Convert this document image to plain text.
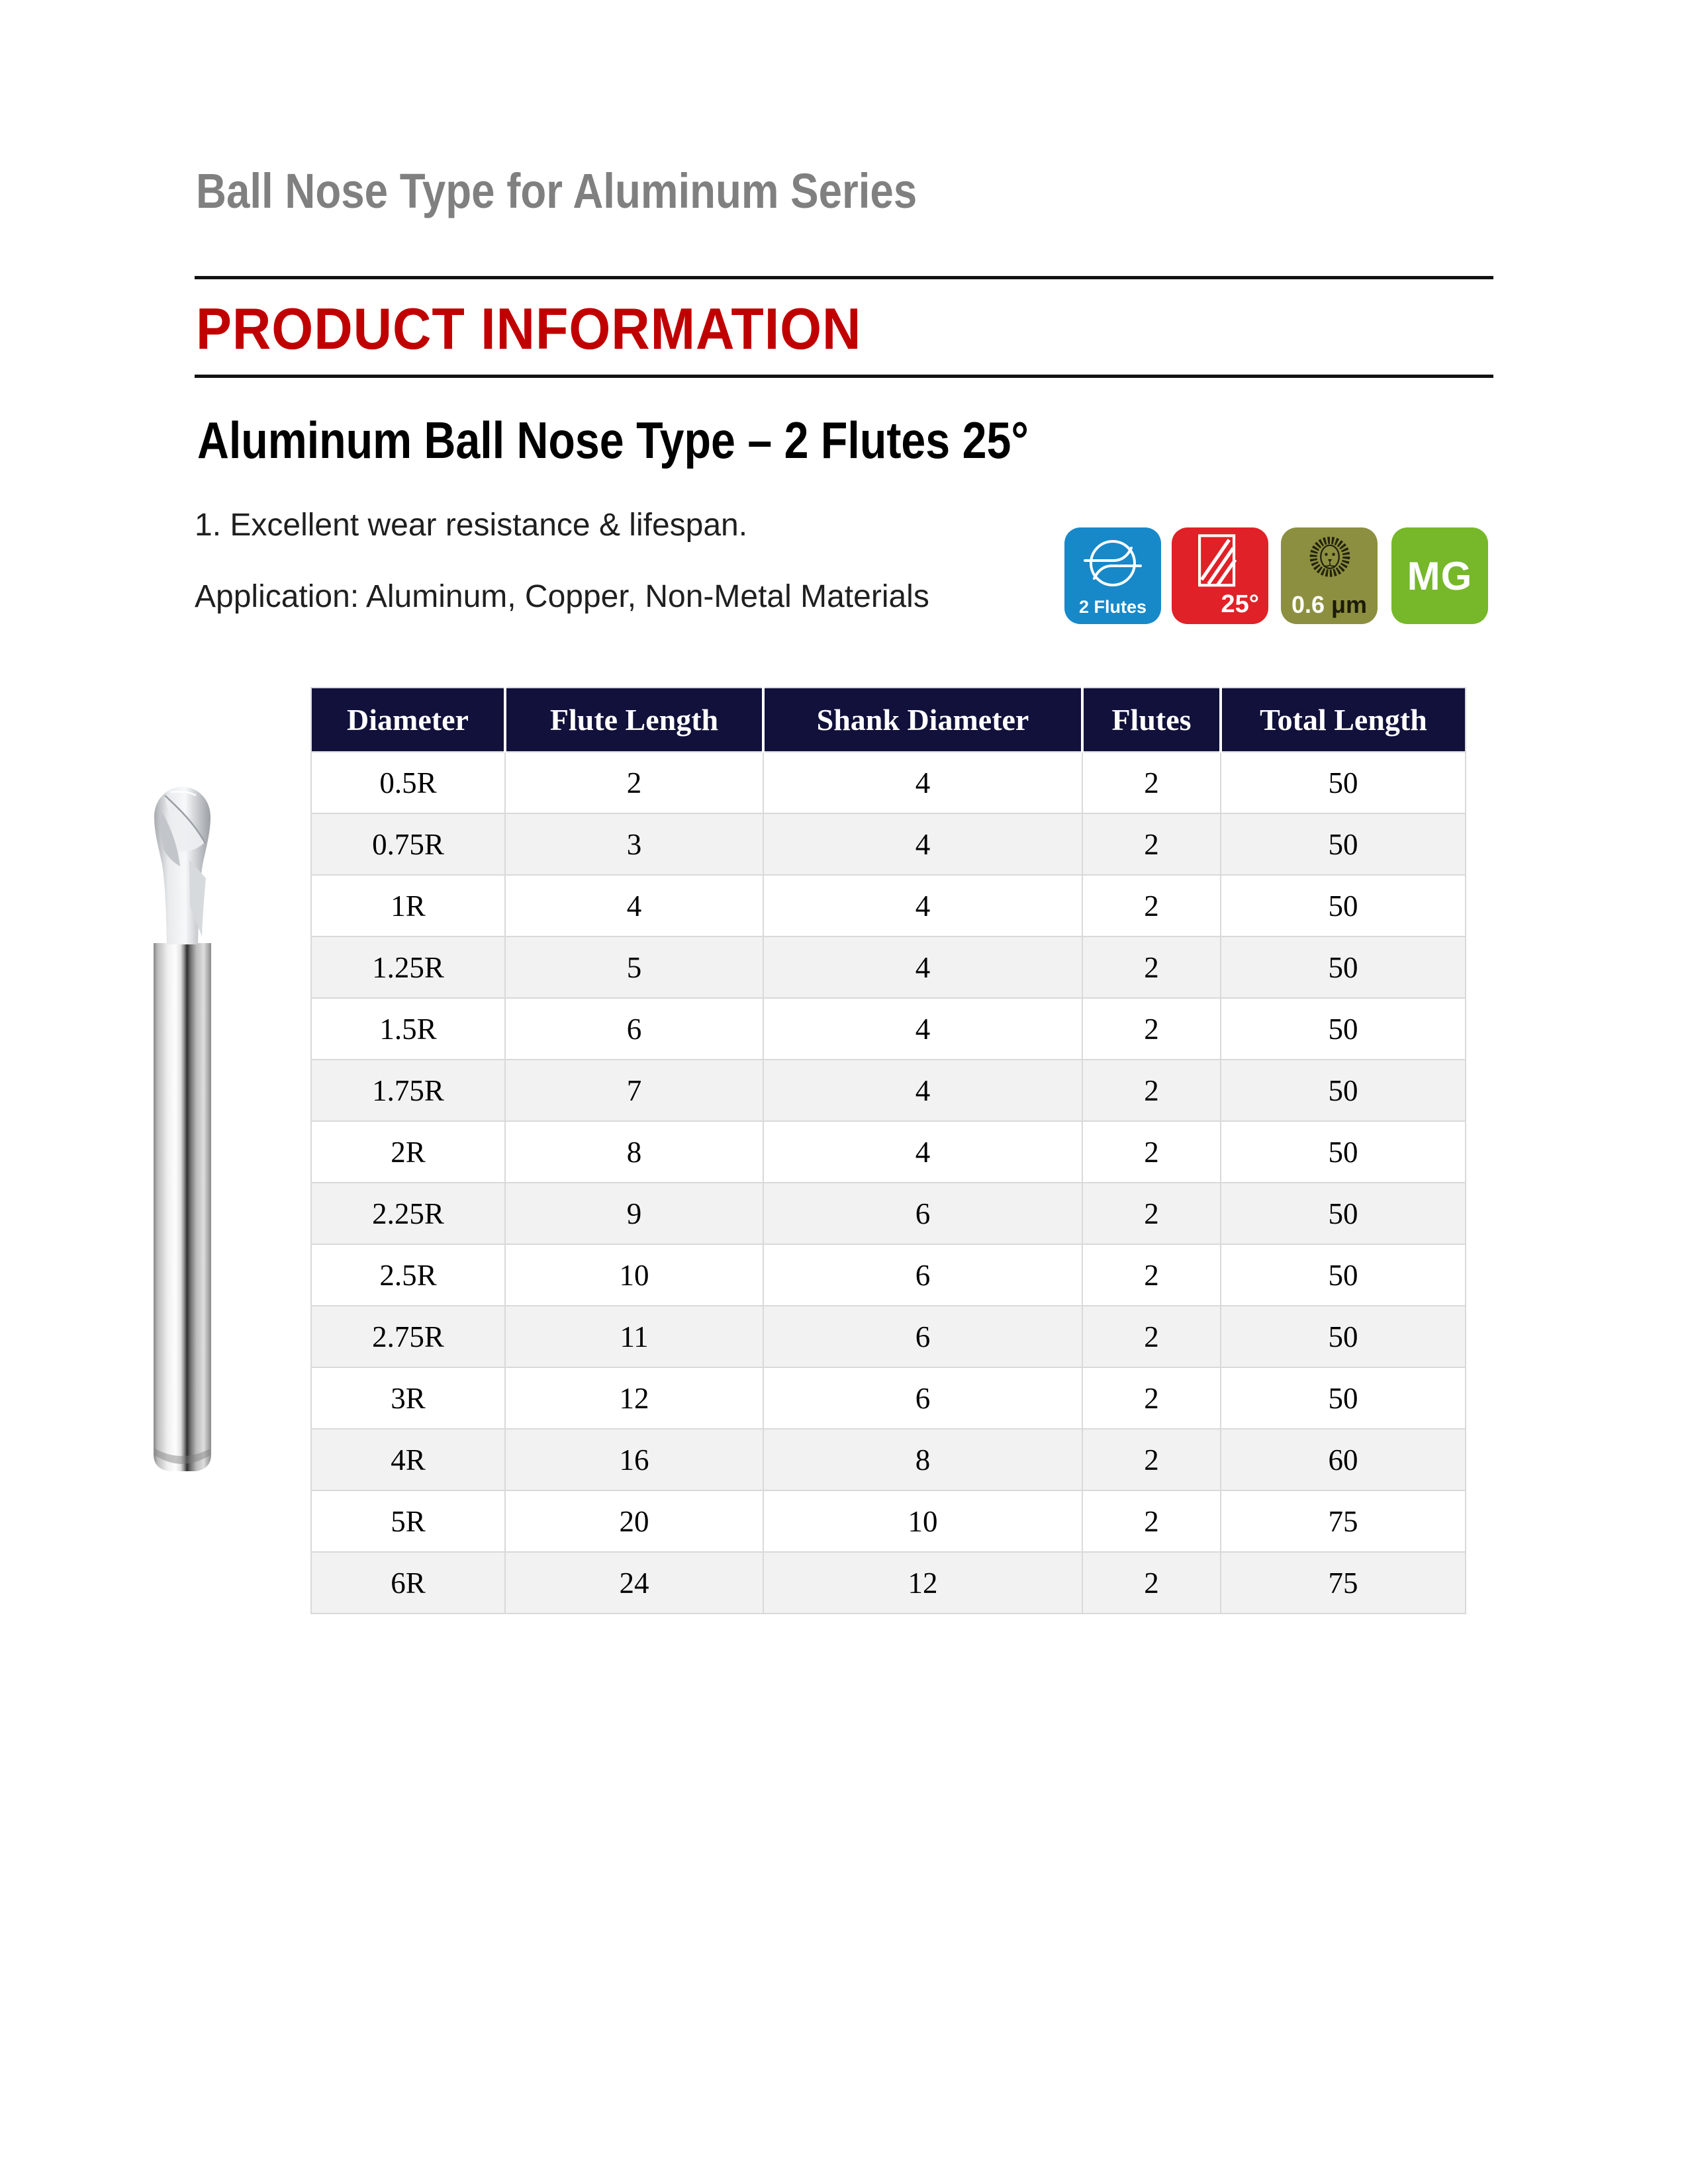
Ball Nose Type for Aluminum Series
PRODUCT INFORMATION
Aluminum Ball Nose Type – 2 Flutes 25°
1. Excellent wear resistance & lifespan.
Application: Aluminum, Copper, Non-Metal Materials	2 Flutes	25°	0.6 μm
MG
Diameter	Flute Length	Shank Diameter	Flutes	Total Length
0.5R	2	4	2	50
0.75R	3	4	2	50
1R	4	4	2	50
1.25R	5	4	2	50
1.5R	6	4	2	50
1.75R	7	4	2	50
2R	8	4	2	50
2.25R	9	6	2	50
2.5R	10	6	2	50
2.75R	11	6	2	50
3R	12	6	2	50
4R	16	8	2	60
5R	20	10	2	75
6R	24	12	2	75
